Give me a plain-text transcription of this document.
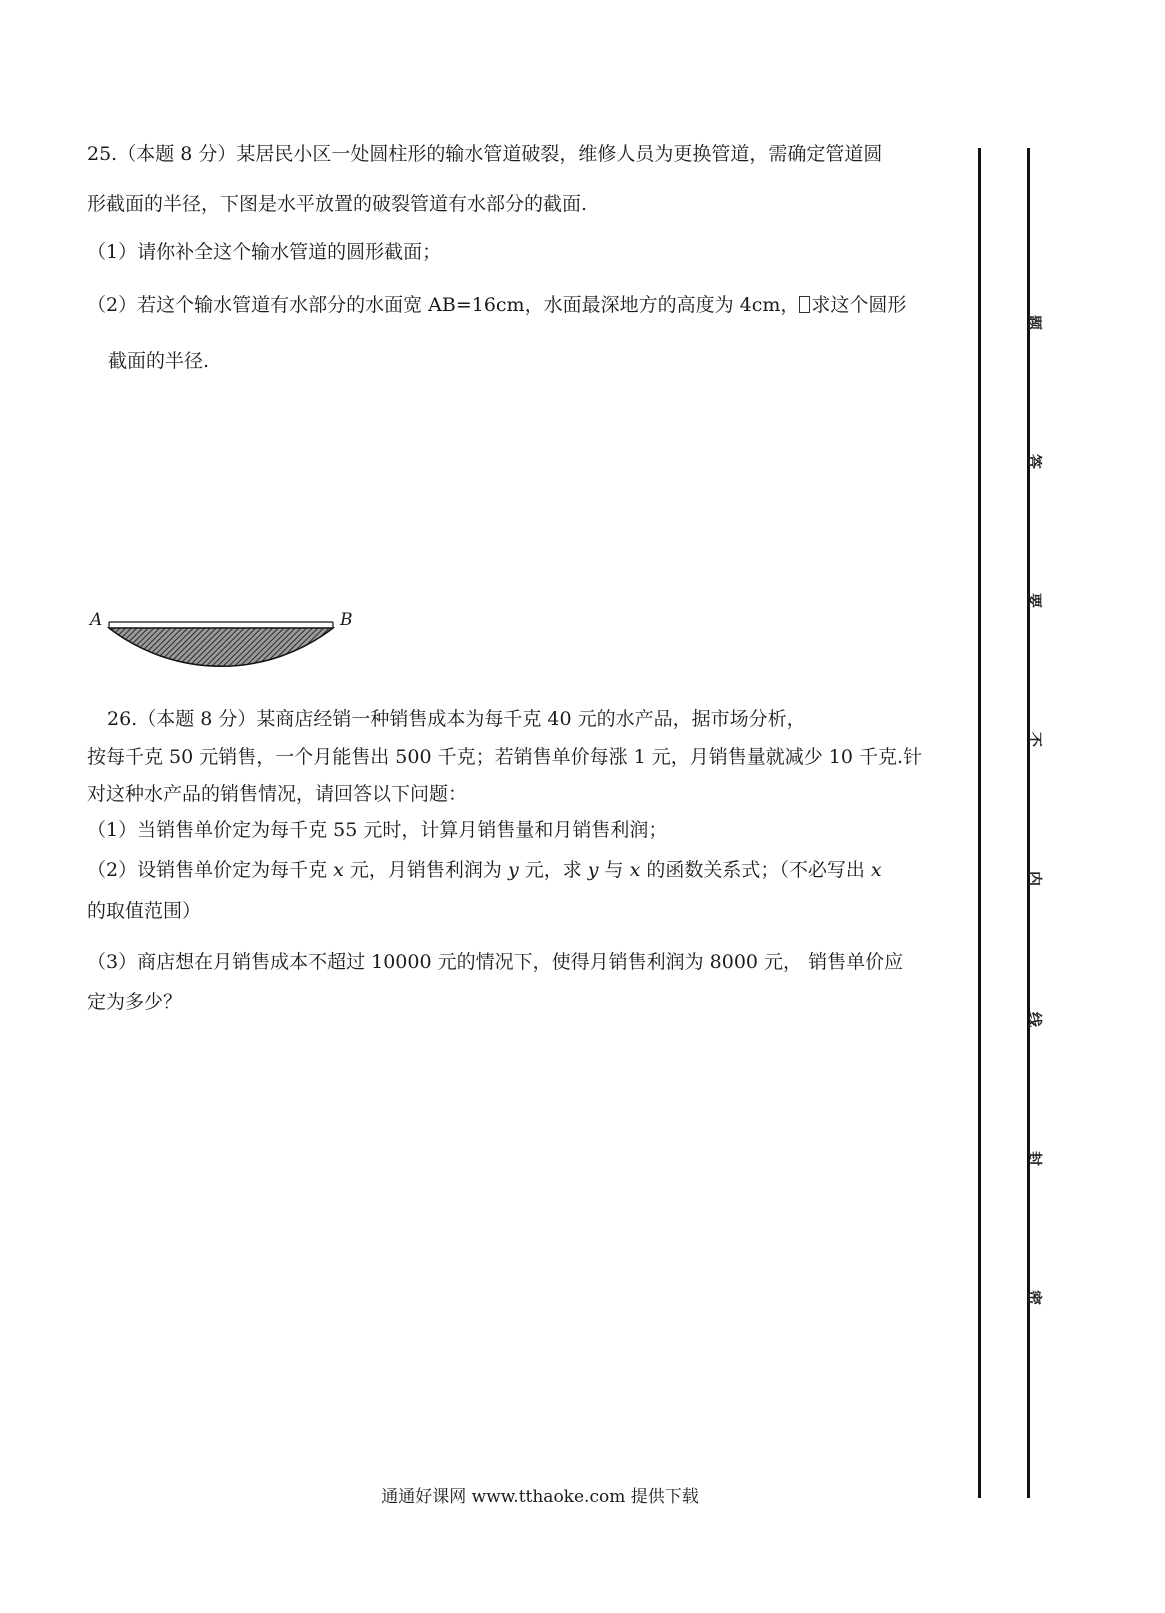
25.（本题 8 分）某居民小区一处圆柱形的输水管道破裂，维修人员为更换管道，需确定管道圆
形截面的半径，下图是水平放置的破裂管道有水部分的截面.
（1）请你补全这个输水管道的圆形截面；
（2）若这个输水管道有水部分的水面宽 AB=16cm，水面最深地方的高度为 4cm， 求这个圆形
截面的半径.
A	B
26.（本题 8 分）某商店经销一种销售成本为每千克 40 元的水产品，据市场分析，
按每千克 50 元销售，一个月能售出 500 千克；若销售单价每涨 1 元，月销售量就减少 10 千克.针
对这种水产品的销售情况，请回答以下问题：
（1）当销售单价定为每千克 55 元时，计算月销售量和月销售利润；
（2）设销售单价定为每千克 x 元，月销售利润为 y 元，求 y 与 x 的函数关系式；（不必写出 x
的取值范围）
（3）商店想在月销售成本不超过 10000 元的情况下，使得月销售利润为 8000 元， 销售单价应
定为多少？
题
答
要
不
内
线
封
密
通通好课网 www.tthaoke.com 提供下载
